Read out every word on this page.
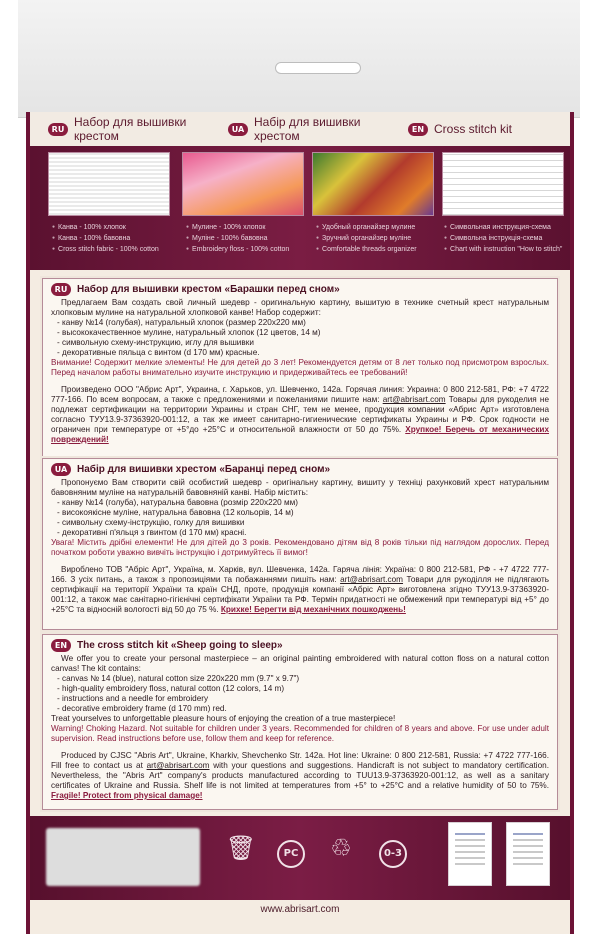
RU Набор для вышивки крестом	UA Набір для вишивки хрестом	EN Cross stitch kit
● Канва - 100% хлопок
● Канва - 100% бавовна
● Cross stitch fabric - 100% cotton
● Мулине - 100% хлопок
● Мулiне - 100% бавовна
● Embroidery floss - 100% cotton
● Удобный органайзер мулине
● Зручний органайзер мулiне
● Comfortable threads organizer
● Символьная инструкция-схема
● Символьна інструкція-схема
● Chart with instruction "How to stitch"
RU Набор для вышивки крестом «Барашки перед сном»

Предлагаем Вам создать свой личный шедевр - оригинальную картину, вышитую в технике счетный крест натуральным хлопковым мулине на натуральной хлопковой канве! Набор содержит:

- канву №14 (голубая), натуральный хлопок (размер 220х220 мм)
- высококачественное мулине, натуральный хлопок (12 цветов, 14 м)
- символьную схему-инструкцию, иглу для вышивки
- декоративные пяльца с винтом (d 170 мм) красные.

Внимание! Содержит мелкие элементы! Не для детей до 3 лет! Рекомендуется детям от 8 лет только под присмотром взрослых. Перед началом работы внимательно изучите инструкцию и придерживайтесь ее требований!

Произведено ООО "Абрис Арт", Украина, г. Харьков, ул. Шевченко, 142а. Горячая линия: Украина: 0 800 212-581, РФ: +7 4722 777-166. По всем вопросам, а также с предложениями и пожеланиями пишите нам: art@abrisart.com Товары для рукоделия не подлежат сертификации на территории Украины и стран СНГ, тем не менее, продукция компании «Абрис Арт» изготовлена согласно ТУУ13.9-37363920-001:12, а так же имеет санитарно-гигиенические сертификаты Украины и РФ. Срок годности не ограничен при температуре от +5°до +25°С и относительной влажности от 50 до 75%. Хрупкое! Беречь от механических повреждений!

UA Набір для вишивки хрестом «Баранці перед сном»

Пропонуємо Вам створити свій особистий шедевр - оригінальну картину, вишиту у техніці рахунковий хрест натуральним бавовняним мулiне на натуральній бавовняній канві. Набір містить:

- канву №14 (голуба), натуральна бавовна (розмір 220х220 мм)
- високоякісне мулiне, натуральна бавовна (12 кольорів, 14 м)
- символьну схему-інструкцію, голку для вишивки
- декоративні п'яльця з гвинтом (d 170 мм) красні.

Увага! Містить дрібні елементи! Не для дітей до 3 років. Рекомендовано дітям від 8 років тільки під наглядом дорослих. Перед початком роботи уважно вивчіть інструкцію і дотримуйтесь її вимог!

Виробленo ТОВ "Абріс Арт", Україна, м. Харків, вул. Шевченка, 142а. Гаряча лінія: Україна: 0 800 212-581, РФ - +7 4722 777-166. З усіх питань, а також з пропозиціями та побажаннями пишіть нам: art@abrisart.com Товари для рукоділля не підлягають сертифікації на території України та країн СНД, проте, продукція компанії «Абріс Арт» виготовлена згідно ТУУ13.9-37363920-001:12, а також має санітарно-гігієнічні сертифікати України та РФ. Термін придатності не обмежений при температурі від +5° до +25°С та відносній вологості від 50 до 75 %. Крихке! Берегти від механічних пошкоджень!

EN The cross stitch kit «Sheep going to sleep»

We offer you to create your personal masterpiece – an original painting embroidered with natural cotton floss on a natural cotton canvas! The kit contains:

- canvas № 14 (blue), natural cotton size 220x220 mm (9.7" x 9.7")
- high-quality embroidery floss, natural cotton (12 colors, 14 m)
- instructions and a needle for embroidery
- decorative embroidery frame (d 170 mm) red.

Treat yourselves to unforgettable pleasure hours of enjoying the creation of a true masterpiece!

Warning! Choking Hazard. Not suitable for children under 3 years. Recommended for children of 8 years and above. For use under adult supervision. Read instructions before use, follow them and keep for reference.

Produced by CJSC "Abris Art", Ukraine, Kharkiv, Shevchenko Str. 142a. Hot line: Ukraine: 0 800 212-581, Russia: +7 4722 777-166. Fill free to contact us at art@abrisart.com with your questions and suggestions. Handicraft is not subject to mandatory certification. Nevertheless, the "Abris Art" company's products manufactured according to TUU13.9-37363920-001:12, as well as a sanitary certificates of Ukraine and Russia. Shelf life is not limited at temperatures from +5° to +25°C and a relative humidity of 50 to 75%. Fragile! Protect from physical damage!

🗑	PC	♲	0-3
www.abrisart.com
